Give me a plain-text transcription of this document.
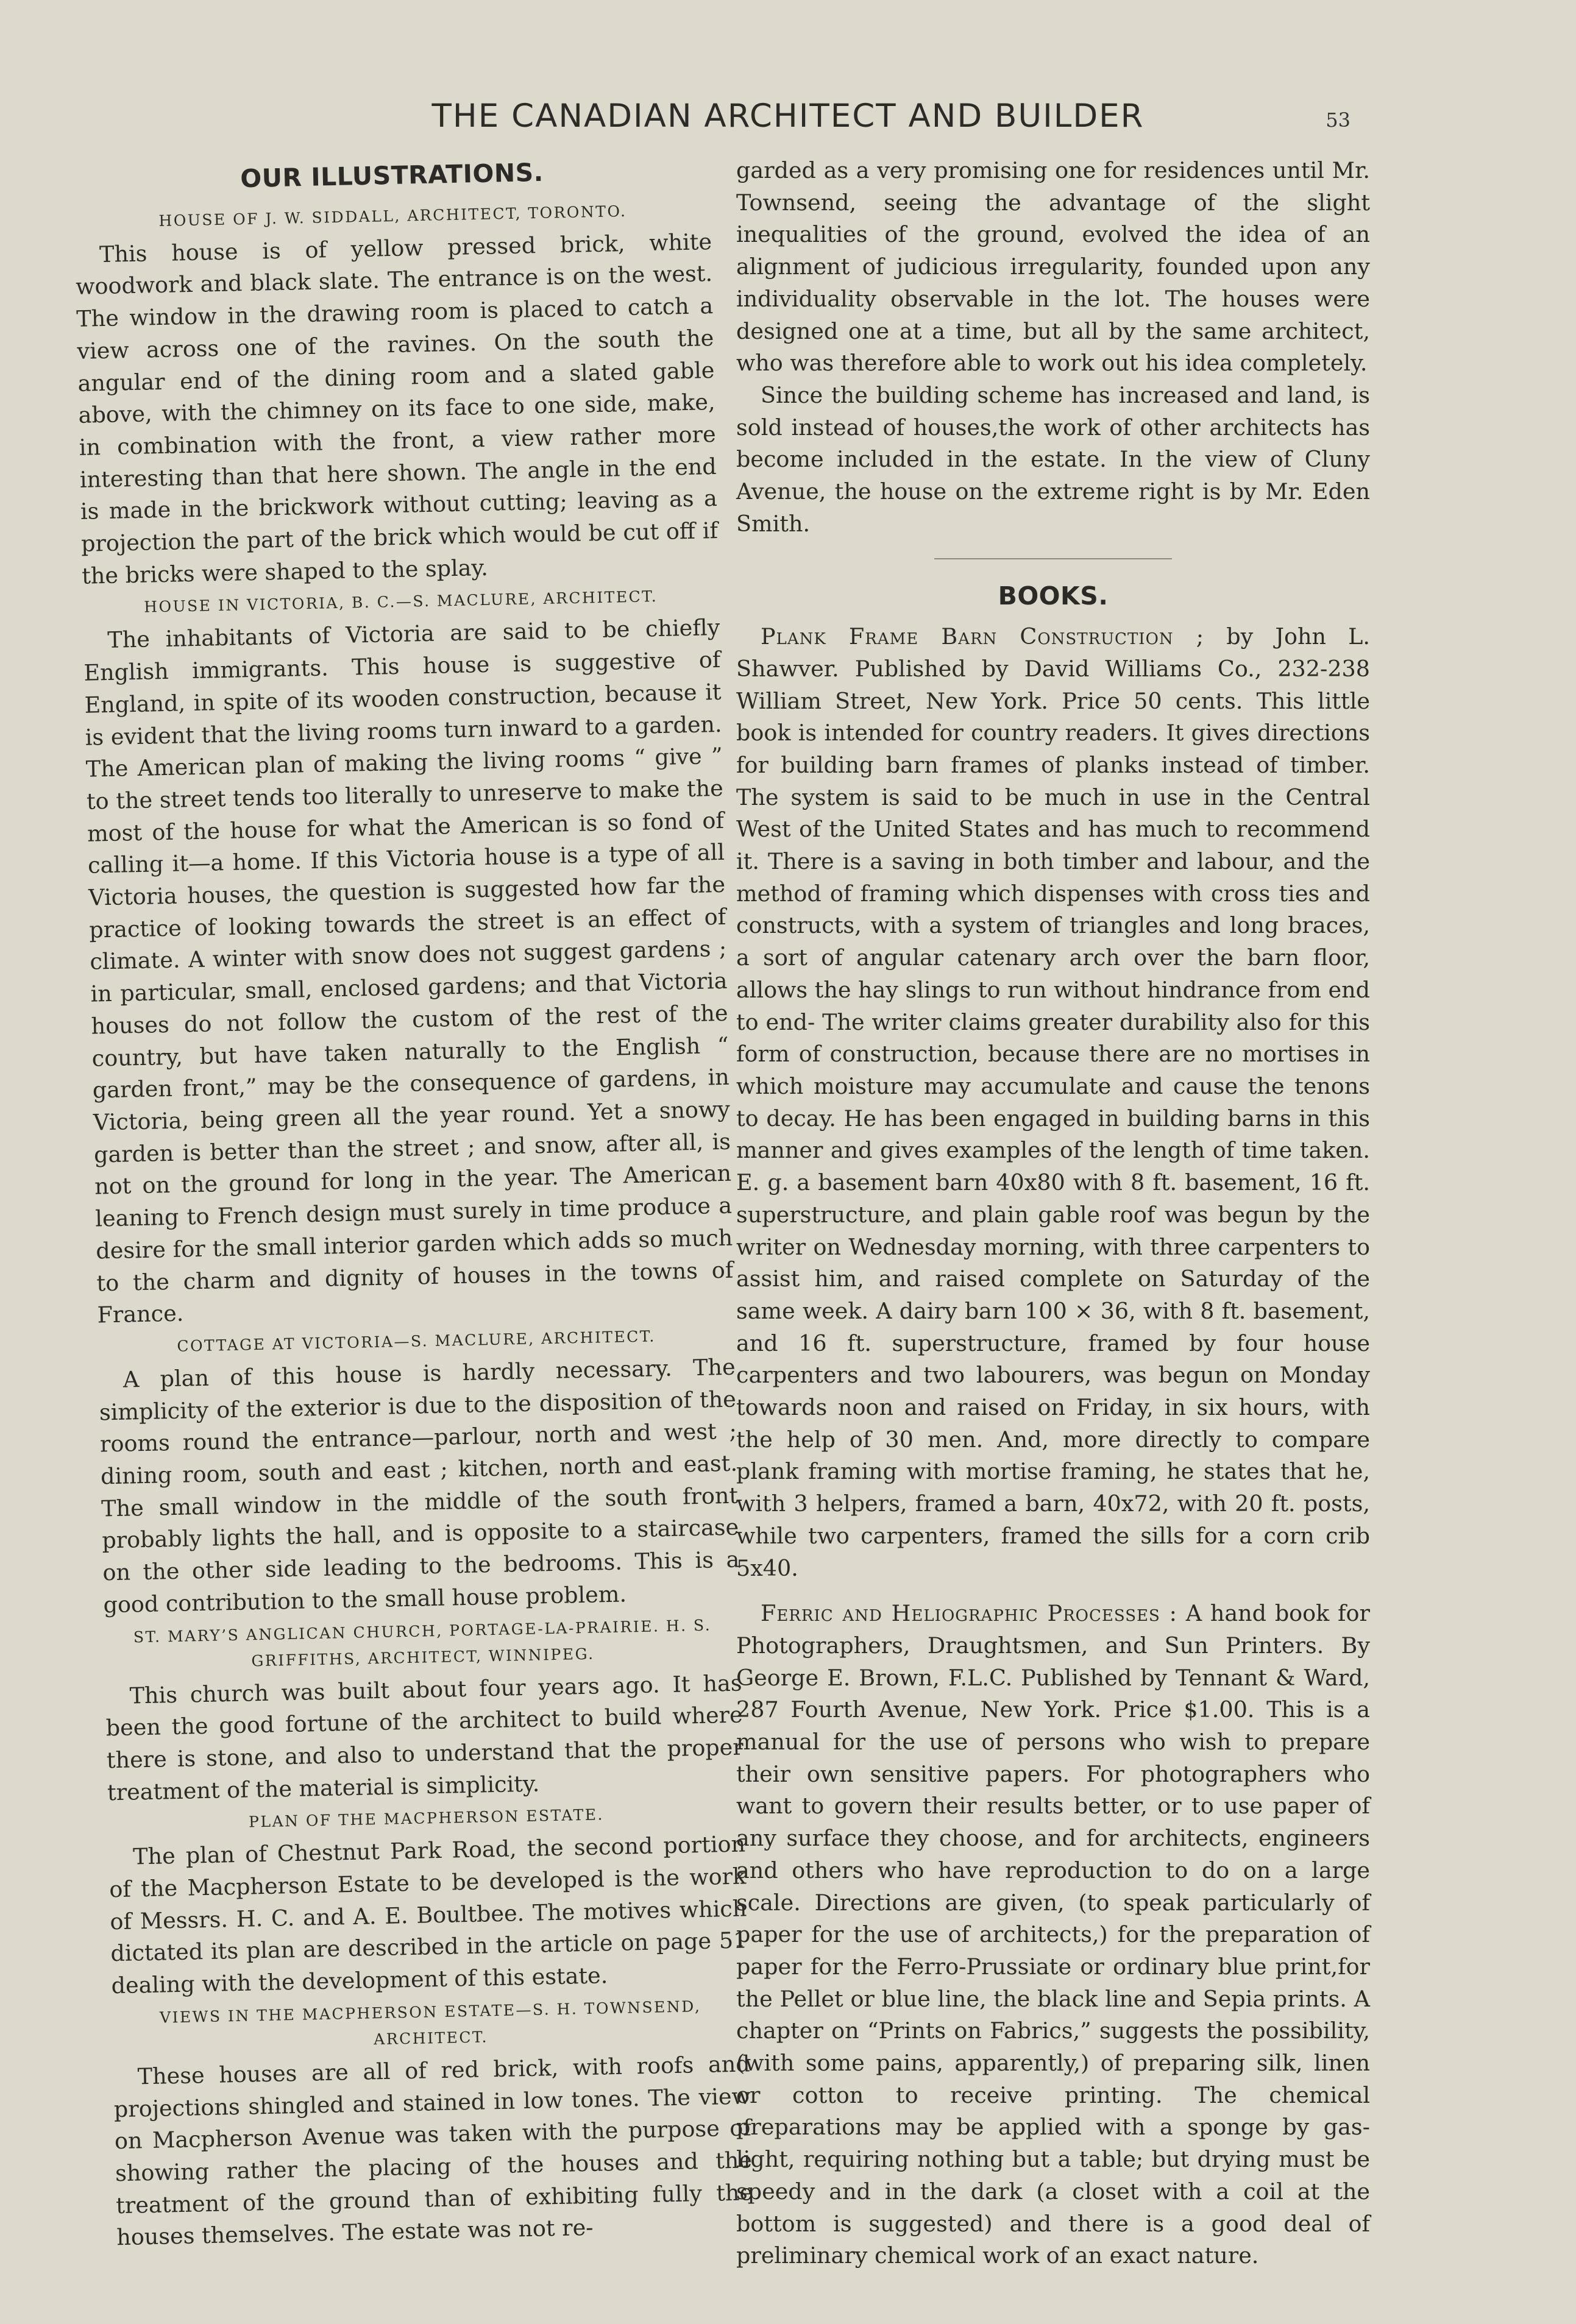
THE CANADIAN ARCHITECT AND BUILDER	53
OUR ILLUSTRATIONS.
HOUSE OF J. W. SIDDALL, ARCHITECT, TORONTO.

This house is of yellow pressed brick, white woodwork and black slate. The entrance is on the west. The window in the drawing room is placed to catch a view across one of the ravines. On the south the angular end of the dining room and a slated gable above, with the chimney on its face to one side, make, in combination with the front, a view rather more interesting than that here shown. The angle in the end is made in the brickwork without cutting; leaving as a projection the part of the brick which would be cut off if the bricks were shaped to the splay.

HOUSE IN VICTORIA, B. C.—S. MACLURE, ARCHITECT.

The inhabitants of Victoria are said to be chiefly English immigrants. This house is suggestive of England, in spite of its wooden construction, because it is evident that the living rooms turn inward to a garden. The American plan of making the living rooms “ give ” to the street tends too literally to unreserve to make the most of the house for what the American is so fond of calling it—a home. If this Victoria house is a type of all Victoria houses, the question is suggested how far the practice of looking towards the street is an effect of climate. A winter with snow does not suggest gardens ; in particular, small, enclosed gardens; and that Victoria houses do not follow the custom of the rest of the country, but have taken naturally to the English “ garden front,” may be the consequence of gardens, in Victoria, being green all the year round. Yet a snowy garden is better than the street ; and snow, after all, is not on the ground for long in the year. The American leaning to French design must surely in time produce a desire for the small interior garden which adds so much to the charm and dignity of houses in the towns of France.

COTTAGE AT VICTORIA—S. MACLURE, ARCHITECT.

A plan of this house is hardly necessary. The simplicity of the exterior is due to the disposition of the rooms round the entrance—parlour, north and west ; dining room, south and east ; kitchen, north and east. The small window in the middle of the south front probably lights the hall, and is opposite to a staircase on the other side leading to the bedrooms. This is a good contribution to the small house problem.

ST. MARY’S ANGLICAN CHURCH, PORTAGE-LA-PRAIRIE. H. S. GRIFFITHS, ARCHITECT, WINNIPEG.

This church was built about four years ago. It has been the good fortune of the architect to build where there is stone, and also to understand that the proper treatment of the material is simplicity.

PLAN OF THE MACPHERSON ESTATE.

The plan of Chestnut Park Road, the second portion of the Macpherson Estate to be developed is the work of Messrs. H. C. and A. E. Boultbee. The motives which dictated its plan are described in the article on page 51 dealing with the development of this estate.

VIEWS IN THE MACPHERSON ESTATE—S. H. TOWNSEND, ARCHITECT.

These houses are all of red brick, with roofs and projections shingled and stained in low tones. The view on Macpherson Avenue was taken with the purpose of showing rather the placing of the houses and the treatment of the ground than of exhibiting fully the houses themselves. The estate was not re-

garded as a very promising one for residences until Mr. Townsend, seeing the advantage of the slight inequalities of the ground, evolved the idea of an alignment of judicious irregularity, founded upon any individuality observable in the lot. The houses were designed one at a time, but all by the same architect, who was therefore able to work out his idea completely.

Since the building scheme has increased and land, is sold instead of houses,the work of other architects has become included in the estate. In the view of Cluny Avenue, the house on the extreme right is by Mr. Eden Smith.

BOOKS.

Plank Frame Barn Construction ; by John L. Shawver. Published by David Williams Co., 232-238 William Street, New York. Price 50 cents. This little book is intended for country readers. It gives directions for building barn frames of planks instead of timber. The system is said to be much in use in the Central West of the United States and has much to recommend it. There is a saving in both timber and labour, and the method of framing which dispenses with cross ties and constructs, with a system of triangles and long braces, a sort of angular catenary arch over the barn floor, allows the hay slings to run without hindrance from end to end- The writer claims greater durability also for this form of construction, because there are no mortises in which moisture may accumulate and cause the tenons to decay. He has been engaged in building barns in this manner and gives examples of the length of time taken. E. g. a basement barn 40x80 with 8 ft. basement, 16 ft. superstructure, and plain gable roof was begun by the writer on Wednesday morning, with three carpenters to assist him, and raised complete on Saturday of the same week. A dairy barn 100 × 36, with 8 ft. basement, and 16 ft. superstructure, framed by four house carpenters and two labourers, was begun on Monday towards noon and raised on Friday, in six hours, with the help of 30 men. And, more directly to compare plank framing with mortise framing, he states that he, with 3 helpers, framed a barn, 40x72, with 20 ft. posts, while two carpenters, framed the sills for a corn crib 5x40.

Ferric and Heliographic Processes : A hand book for Photographers, Draughtsmen, and Sun Printers. By George E. Brown, F.L.C. Published by Tennant & Ward, 287 Fourth Avenue, New York. Price $1.00. This is a manual for the use of persons who wish to prepare their own sensitive papers. For photographers who want to govern their results better, or to use paper of any surface they choose, and for architects, engineers and others who have reproduction to do on a large scale. Directions are given, (to speak particularly of paper for the use of architects,) for the preparation of paper for the Ferro-Prussiate or ordinary blue print,for the Pellet or blue line, the black line and Sepia prints. A chapter on “Prints on Fabrics,” suggests the possibility, (with some pains, apparently,) of preparing silk, linen or cotton to receive printing. The chemical preparations may be applied with a sponge by gas-light, requiring nothing but a table; but drying must be speedy and in the dark (a closet with a coil at the bottom is suggested) and there is a good deal of preliminary chemical work of an exact nature.
